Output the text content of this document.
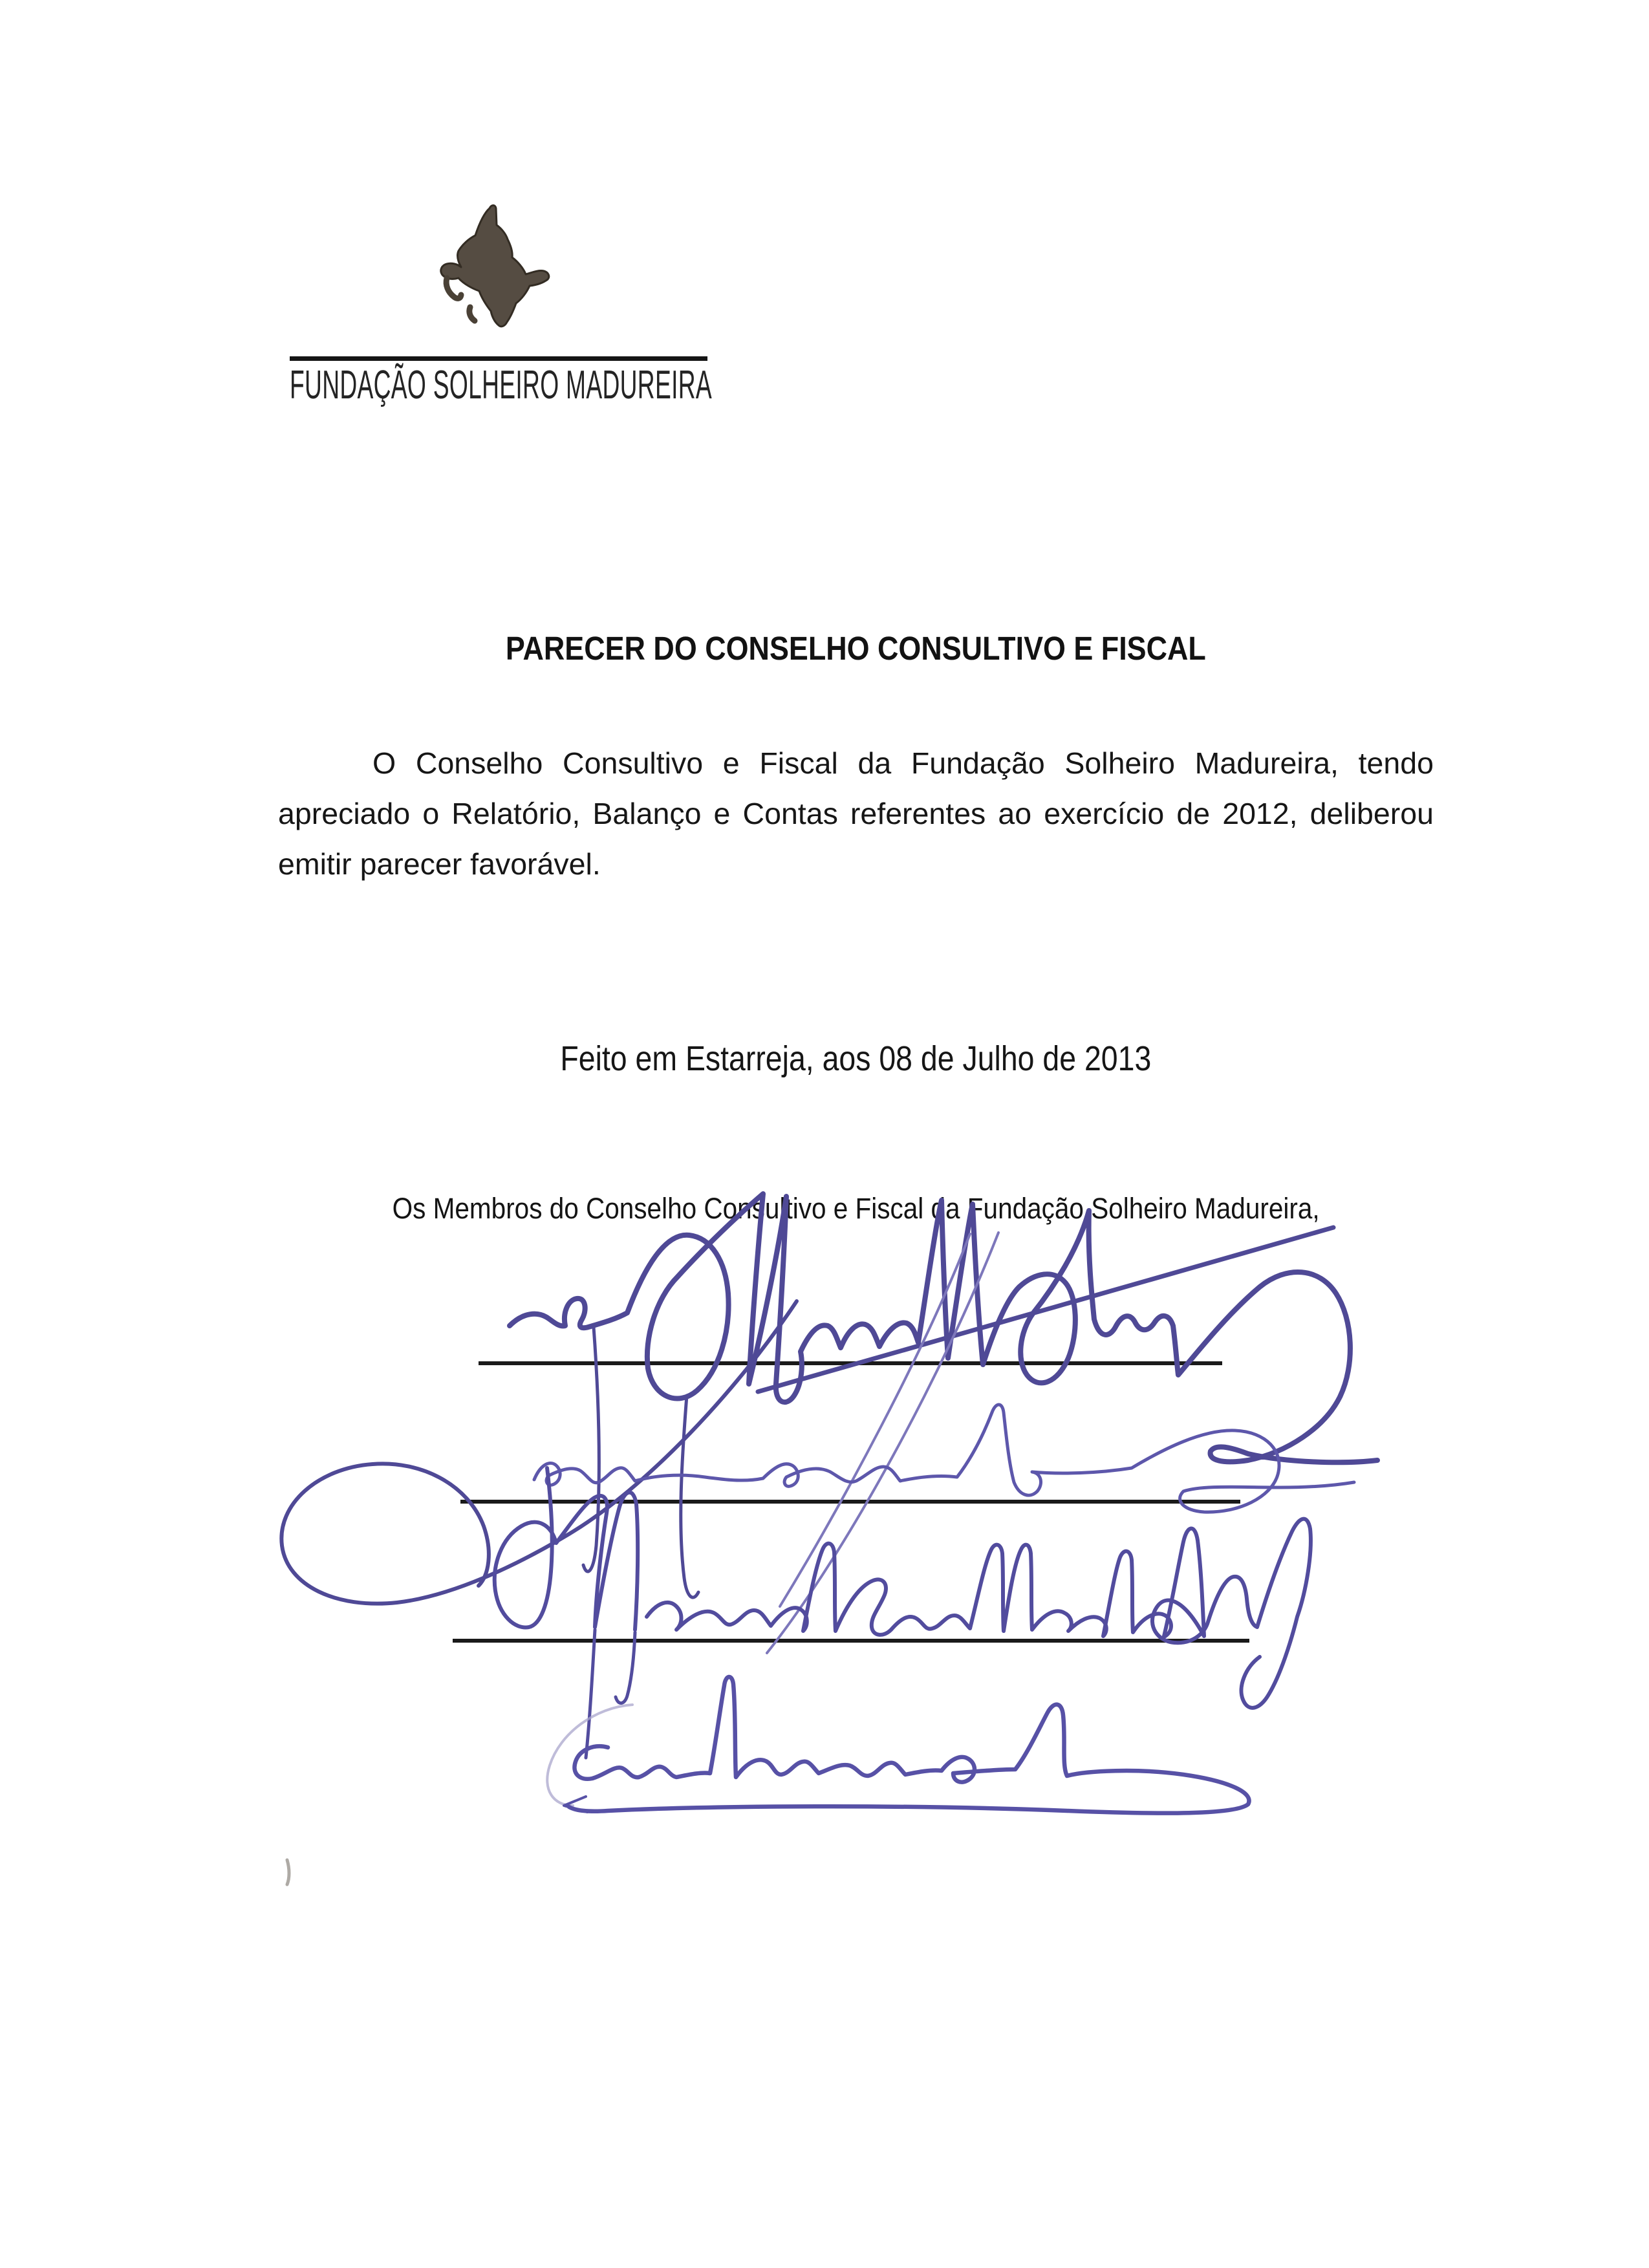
FUNDAÇÃO SOLHEIRO MADUREIRA
PARECER DO CONSELHO CONSULTIVO E FISCAL
O Conselho Consultivo e Fiscal da Fundação Solheiro Madureira, tendo
apreciado o Relatório, Balanço e Contas referentes ao exercício de 2012, deliberou
emitir parecer favorável.
Feito em Estarreja, aos 08 de Julho de 2013
Os Membros do Conselho Consultivo e Fiscal da Fundação Solheiro Madureira,
